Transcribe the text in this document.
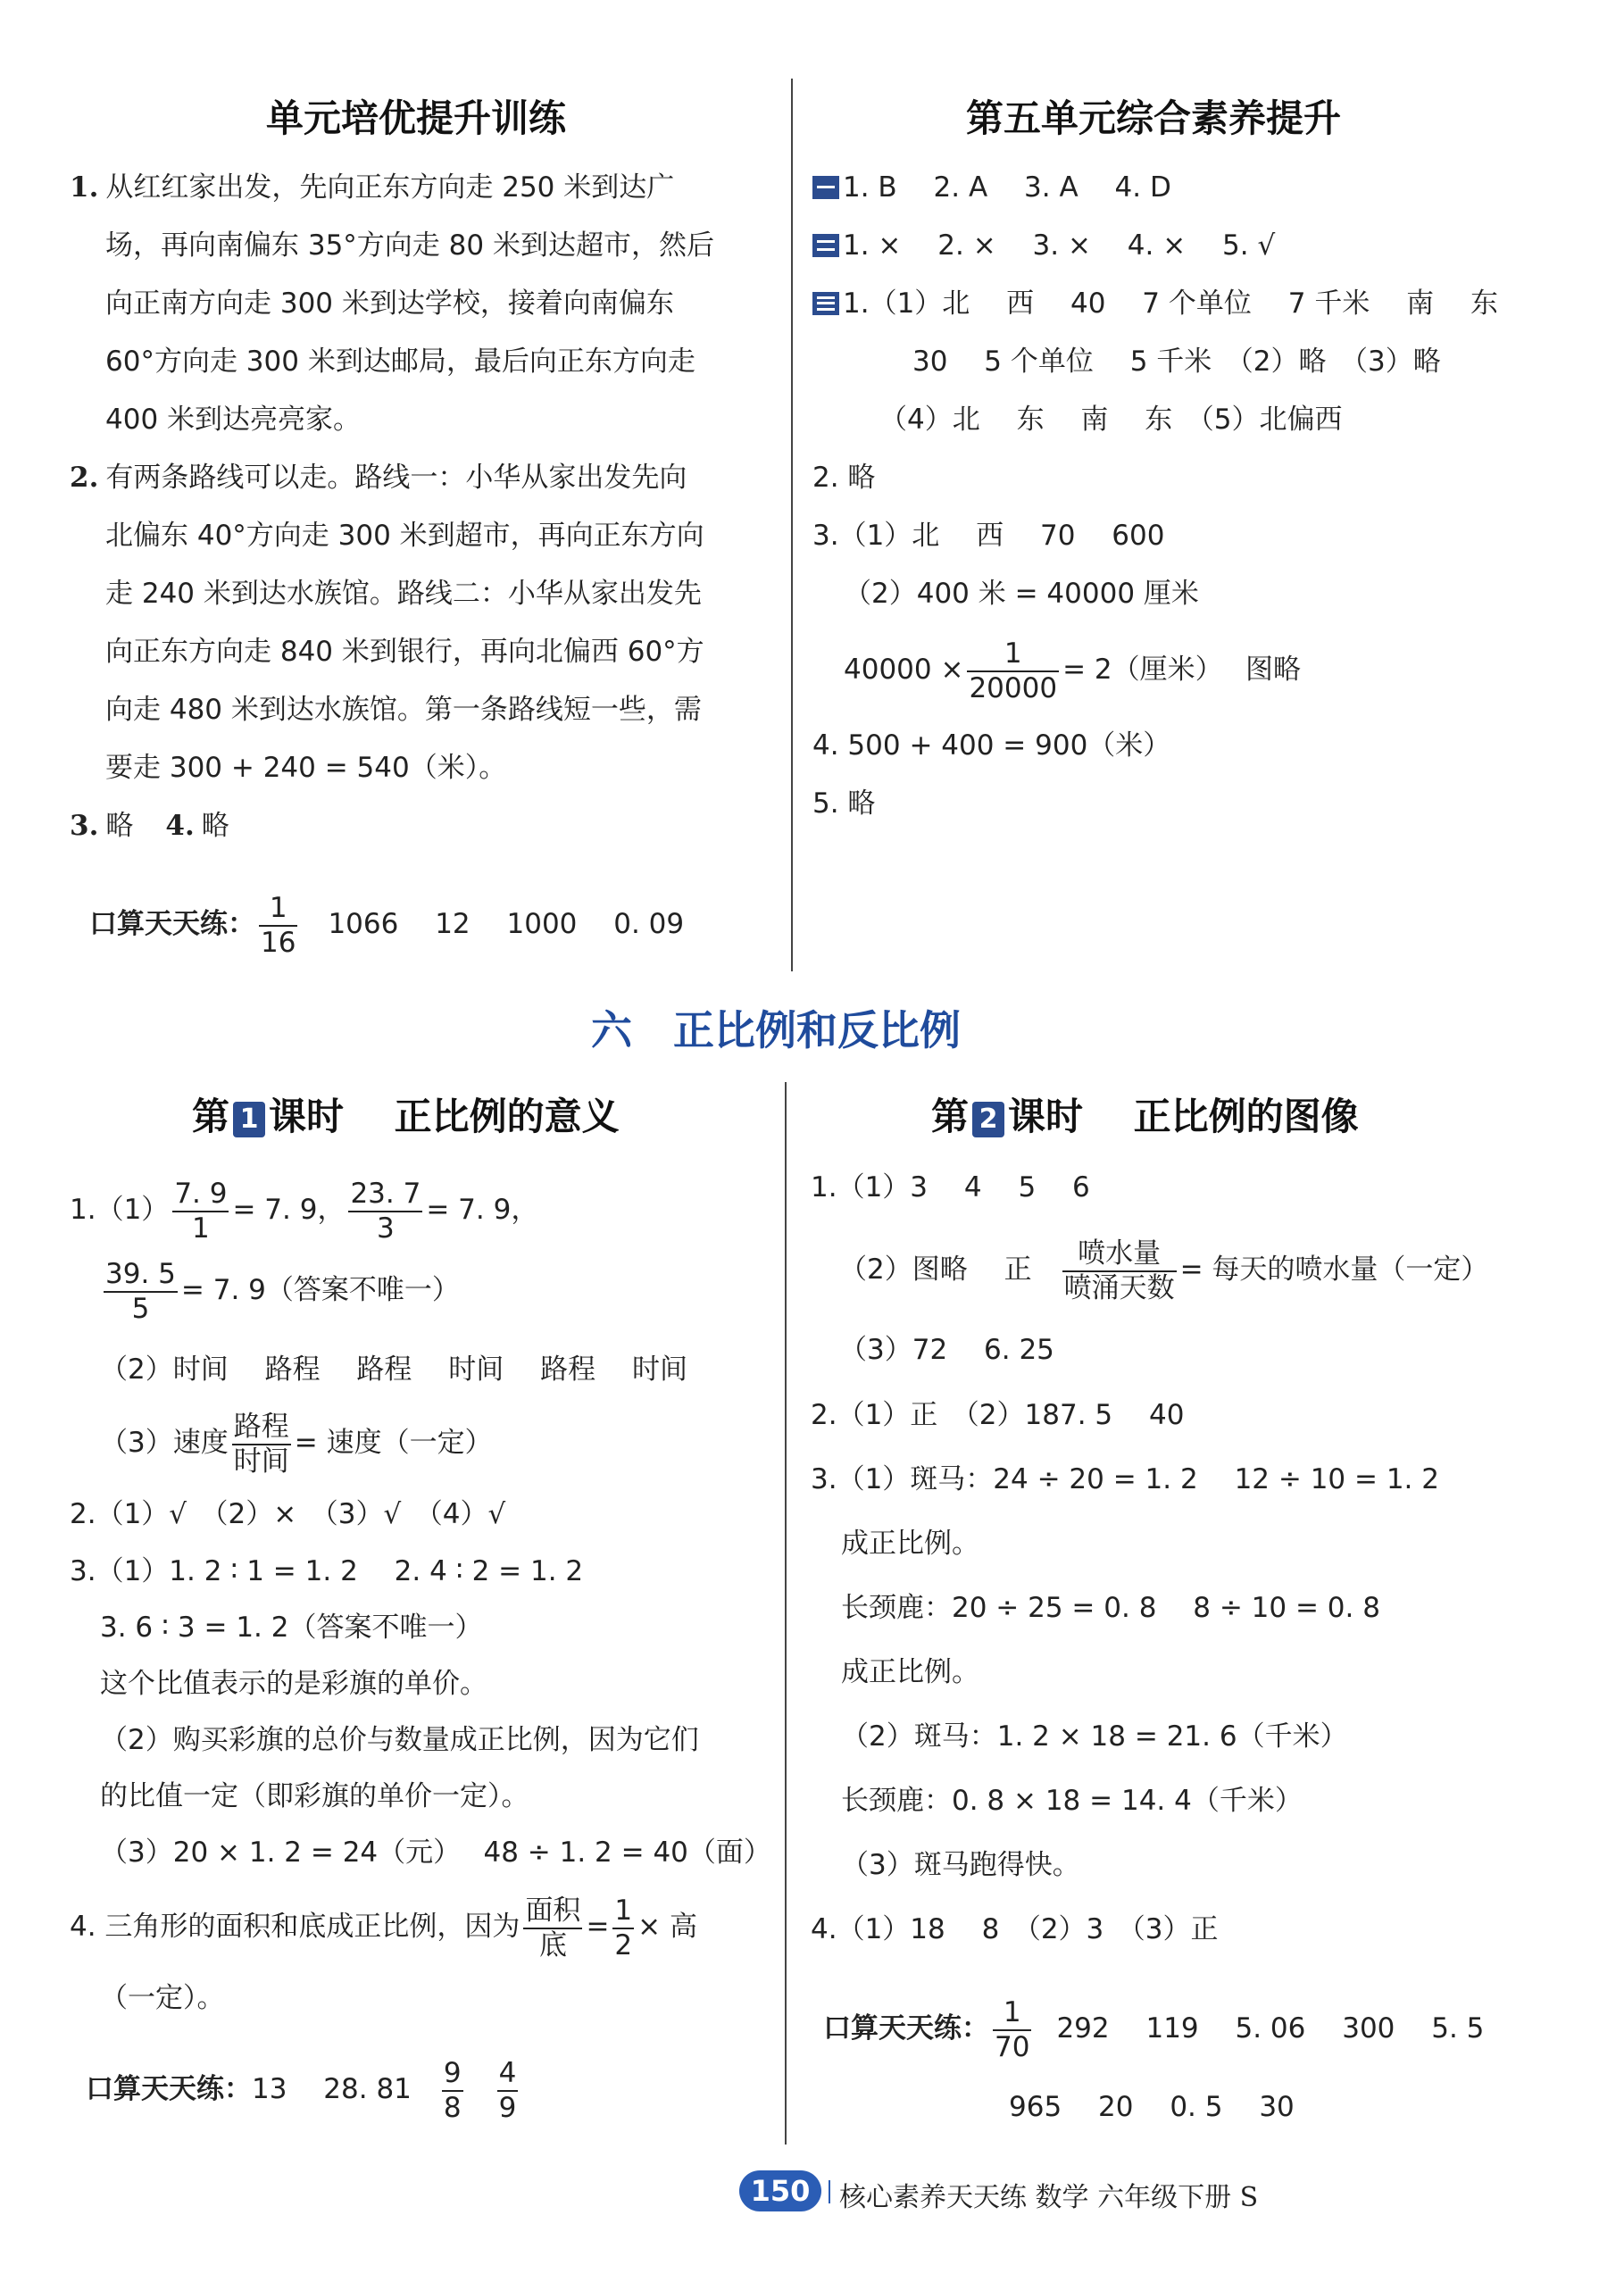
单元培优提升训练
1. 从红红家出发，先向正东方向走 250 米到达广
场，再向南偏东 35°方向走 80 米到达超市，然后
向正南方向走 300 米到达学校，接着向南偏东
60°方向走 300 米到达邮局，最后向正东方向走
400 米到达亮亮家。
2. 有两条路线可以走。路线一：小华从家出发先向
北偏东 40°方向走 300 米到超市，再向正东方向
走 240 米到达水族馆。路线二：小华从家出发先
向正东方向走 840 米到银行，再向北偏西 60°方
向走 480 米到达水族馆。第一条路线短一些，需
要走 300 + 240 = 540（米）。
3. 略 4. 略
口算天天练： $\frac{1}{16} 1066$　 12　 1000　 0. 09
第五单元综合素养提升
1. B　 2. A　 3. A　 4. D
1. ×　 2. ×　 3. ×　 4. ×　 5. √
1.（1）北　 西　 40　 7 个单位　 7 千米　 南　 东
30　 5 个单位　 5 千米　（2）略　（3）略
（4）北　 东　 南　 东　（5）北偏西
2. 略
3.（1）北　 西　 70　 600
（2）400 米 = 40000 厘米
$40000 \times \frac{1}{20000} = 2$（厘米）　 图略
4. 500 + 400 = 900（米）
5. 略
六　正比例和反比例
第 1 课时　 正比例的意义
$1.(1) \frac{7. 9}{1} = 7$. 9， $\frac{23. 7}{3} = 7$. 9，
$\frac{39. 5}{5} = 7$. 9（答案不唯一）
（2）时间　 路程　 路程　 时间　 路程　 时间
（3）速度 $\frac{\text{路程}}{\text{时间}}$ = 速度（一定）
2.（1）√　（2）×　（3）√　（4）√
3.（1）1. 2 ∶ 1 = 1. 2　 2. 4 ∶ 2 = 1. 2
3. 6 ∶ 3 = 1. 2（答案不唯一）
这个比值表示的是彩旗的单价。
（2）购买彩旗的总价与数量成正比例，因为它们
的比值一定（即彩旗的单价一定）。
（3）20 × 1. 2 = 24（元）　 48 ÷ 1. 2 = 40（面）
4. 三角形的面积和底成正比例，因为 $\frac{\text{面积}}{\text{底}} = \frac{1}{2}$ × 高
（一定）。
口算天天练：13　 28. $81 \frac{9}{8} \frac{4}{9}$
第 2 课时　 正比例的图像
1.（1）3　 4　 5　 6
（2）图略　 正 $\frac{\text{喷水量}}{\text{喷涌天数}}$ = 每天的喷水量（一定）
（3）72　 6. 25
2.（1）正　（2）187. 5　 40
3.（1）斑马：24 ÷ 20 = 1. 2　 12 ÷ 10 = 1. 2
成正比例。
长颈鹿：20 ÷ 25 = 0. 8　 8 ÷ 10 = 0. 8
成正比例。
（2）斑马：1. 2 × 18 = 21. 6（千米）
长颈鹿：0. 8 × 18 = 14. 4（千米）
（3）斑马跑得快。
4.（1）18　 8　（2）3　（3）正
口算天天练： $\frac{1}{70} 292$　 119　 5. 06　 300　 5. 5
965　 20　 0. 5　 30
150	核心素养天天练 数学 六年级下册 S
